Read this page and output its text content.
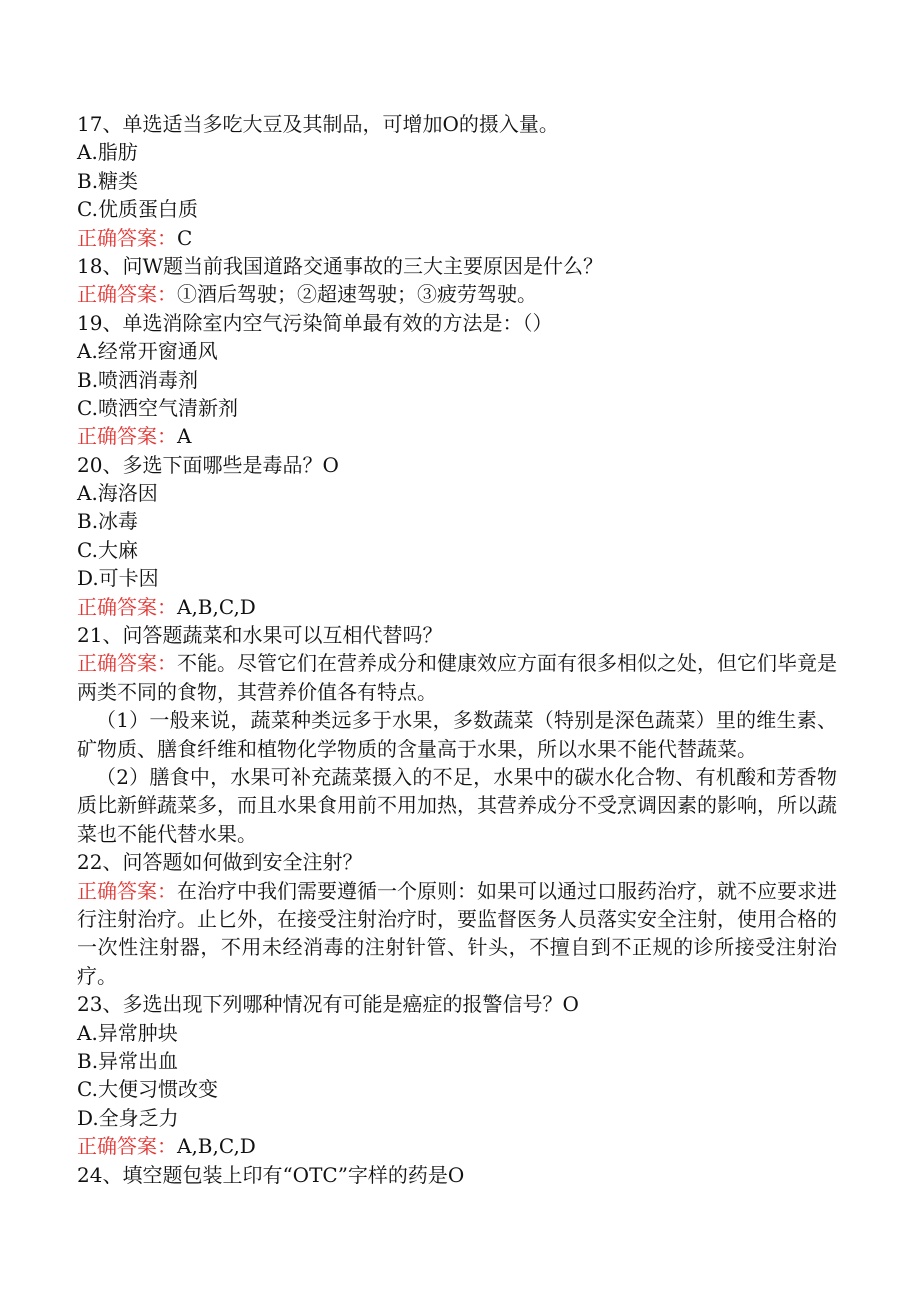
17、单选适当多吃大豆及其制品，可增加O的摄入量。
A.脂肪
B.糖类
C.优质蛋白质
正确答案：C
18、问W题当前我国道路交通事故的三大主要原因是什么？
正确答案：①酒后驾驶；②超速驾驶；③疲劳驾驶。
19、单选消除室内空气污染简单最有效的方法是：（）
A.经常开窗通风
B.喷洒消毒剂
C.喷洒空气清新剂
正确答案：A
20、多选下面哪些是毒品？O
A.海洛因
B.冰毒
C.大麻
D.可卡因
正确答案：A,B,C,D
21、问答题蔬菜和水果可以互相代替吗？
正确答案：不能。尽管它们在营养成分和健康效应方面有很多相似之处，但它们毕竟是两类不同的食物，其营养价值各有特点。
（1）一般来说，蔬菜种类远多于水果，多数蔬菜（特别是深色蔬菜）里的维生素、矿物质、膳食纤维和植物化学物质的含量高于水果，所以水果不能代替蔬菜。
（2）膳食中，水果可补充蔬菜摄入的不足，水果中的碳水化合物、有机酸和芳香物质比新鲜蔬菜多，而且水果食用前不用加热，其营养成分不受烹调因素的影响，所以蔬菜也不能代替水果。
22、问答题如何做到安全注射？
正确答案：在治疗中我们需要遵循一个原则：如果可以通过口服药治疗，就不应要求进行注射治疗。止匕外，在接受注射治疗时，要监督医务人员落实安全注射，使用合格的一次性注射器，不用未经消毒的注射针管、针头，不擅自到不正规的诊所接受注射治疗。
23、多选出现下列哪种情况有可能是癌症的报警信号？O
A.异常肿块
B.异常出血
C.大便习惯改变
D.全身乏力
正确答案：A,B,C,D
24、填空题包装上印有“OTC”字样的药是O
